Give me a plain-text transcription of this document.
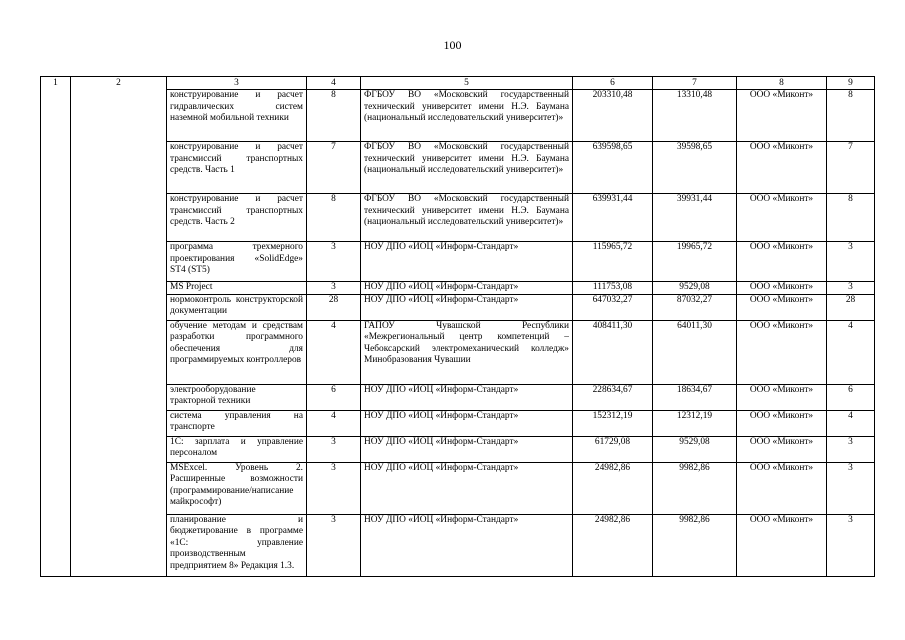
100
1	2	3	4	5	6	7	8	9
		конструирование и расчет гидравлических систем наземной мобильной техники	8	ФГБОУ ВО «Московский государственный технический университет имени Н.Э. Баумана (национальный исследовательский университет)»	203310,48	13310,48	ООО «Миконт»	8
		конструирование и расчет трансмиссий транспортных средств. Часть 1	7	ФГБОУ ВО «Московский государственный технический университет имени Н.Э. Баумана (национальный исследовательский университет)»	639598,65	39598,65	ООО «Миконт»	7
		конструирование и расчет трансмиссий транспортных средств. Часть 2	8	ФГБОУ ВО «Московский государственный технический университет имени Н.Э. Баумана (национальный исследовательский университет)»	639931,44	39931,44	ООО «Миконт»	8
		программа трехмерного проектирования «SolidEdge» ST4 (ST5)	3	НОУ ДПО «ИОЦ «Информ-Стандарт»	115965,72	19965,72	ООО «Миконт»	3
		MS Project	3	НОУ ДПО «ИОЦ «Информ-Стандарт»	111753,08	9529,08	ООО «Миконт»	3
		нормоконтроль конструкторской документации	28	НОУ ДПО «ИОЦ «Информ-Стандарт»	647032,27	87032,27	ООО «Миконт»	28
		обучение методам и средствам разработки программного обеспечения для программируемых контроллеров	4	ГАПОУ Чувашской Республики «Межрегиональный центр компетенций – Чебоксарский электромеханический колледж» Минобразования Чувашии	408411,30	64011,30	ООО «Миконт»	4
		электрооборудование тракторной техники	6	НОУ ДПО «ИОЦ «Информ-Стандарт»	228634,67	18634,67	ООО «Миконт»	6
		система управления на транспорте	4	НОУ ДПО «ИОЦ «Информ-Стандарт»	152312,19	12312,19	ООО «Миконт»	4
		1С: зарплата и управление персоналом	3	НОУ ДПО «ИОЦ «Информ-Стандарт»	61729,08	9529,08	ООО «Миконт»	3
		MSExcel. Уровень 2. Расширенные возможности (программирование/написание майкрософт)	3	НОУ ДПО «ИОЦ «Информ-Стандарт»	24982,86	9982,86	ООО «Миконт»	3
		планирование и бюджетирование в программе «1С: управление производственным предприятием 8» Редакция 1.3.	3	НОУ ДПО «ИОЦ «Информ-Стандарт»	24982,86	9982,86	ООО «Миконт»	3
